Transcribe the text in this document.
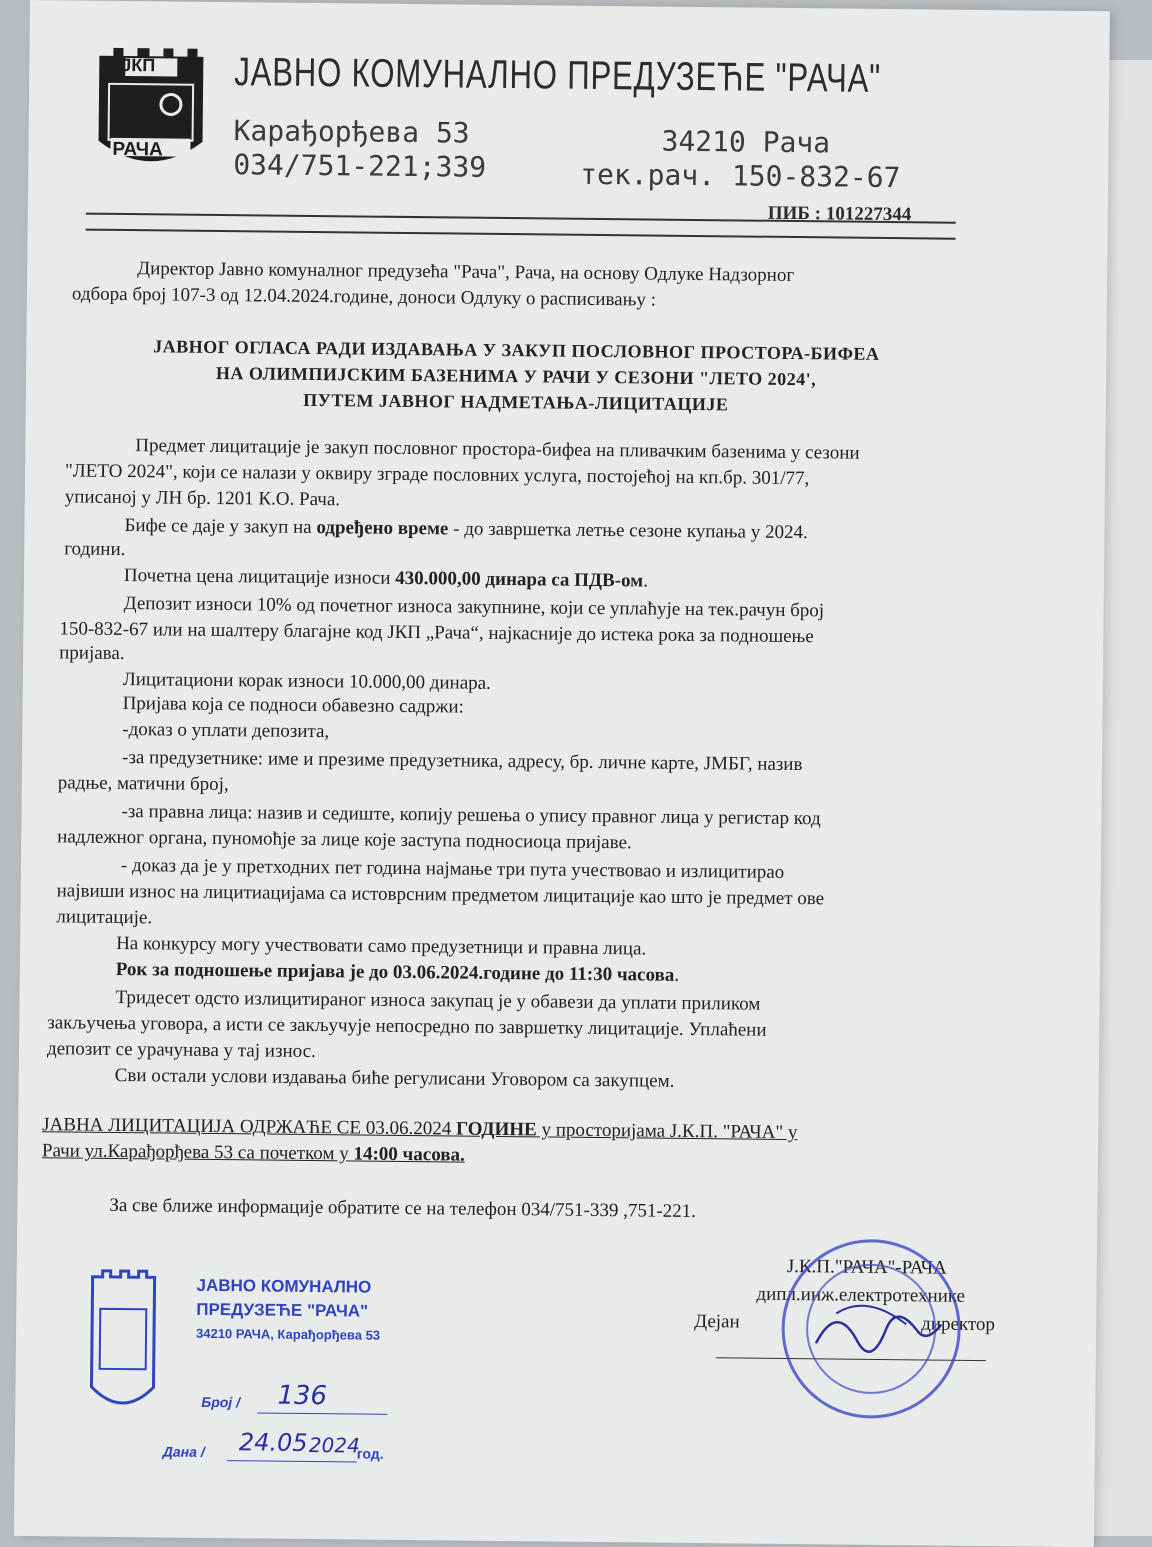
ЈКП
РАЧА
ЈАВНО КОМУНАЛНО ПРЕДУЗЕЋЕ "РАЧА"
Карађорђева 53	34210 Рача
034/751-221;339	тек.рач. 150-832-67
ПИБ : 101227344
Директор Јавно комуналног предузећа "Рача", Рача, на основу Одлуке Надзорног
одбора број 107-3 од 12.04.2024.године, доноси Одлуку о расписивању :
ЈАВНОГ ОГЛАСА РАДИ ИЗДАВАЊА У ЗАКУП ПОСЛОВНОГ ПРОСТОРА-БИФЕА
НА ОЛИМПИЈСКИМ БАЗЕНИМА У РАЧИ У СЕЗОНИ "ЛЕТО 2024',
ПУТЕМ ЈАВНОГ НАДМЕТАЊА-ЛИЦИТАЦИЈЕ
Предмет лицитације је закуп пословног простора-бифеа на пливачким базенима у сезони
"ЛЕТО 2024", који се налази у оквиру зграде пословних услуга, постојећој на кп.бр. 301/77,
уписаној у ЛН бр. 1201 К.О. Рача.
Бифе се даје у закуп на одређено време - до завршетка летње сезоне купања у 2024.
години.
Почетна цена лицитације износи 430.000,00 динара са ПДВ-ом.
Депозит износи 10% од почетног износа закупнине, који се уплаћује на тек.рачун број
150-832-67 или на шалтеру благајне код ЈКП „Рача“, најкасније до истека рока за подношење
пријава.
Лицитациони корак износи 10.000,00 динара.
Пријава која се подноси обавезно садржи:
-доказ о уплати депозита,
-за предузетнике: име и презиме предузетника, адресу, бр. личне карте, ЈМБГ, назив
радње, матични број,
-за правна лица: назив и седиште, копију решења о упису правног лица у регистар код
надлежног органа, пуномоћје за лице које заступа подносиоца пријаве.
- доказ да је у претходних пет година најмање три пута учествовао и излицитирао
највиши износ на лицитиацијама са истоврсним предметом лицитације као што је предмет ове
лицитације.
На конкурсу могу учествовати само предузетници и правна лица.
Рок за подношење пријава је до 03.06.2024.године до 11:30 часова.
Тридесет одсто излицитираног износа закупац је у обавези да уплати приликом
закључења уговора, а исти се закључује непосредно по завршетку лицитације. Уплаћени
депозит се урачунава у тај износ.
Сви остали услови издавања биће регулисани Уговором са закупцем.
ЈАВНА ЛИЦИТАЦИЈА ОДРЖАЋЕ СЕ 03.06.2024 ГОДИНЕ у просторијама Ј.К.П. "РАЧА" у
Рачи ул.Карађорђева 53 са почетком у 14:00 часова.
За све ближе информације обратите се на телефон 034/751-339 ,751-221.
Ј.К.П."РАЧА"-РАЧА
дипл.инж.електротехнике
Дејан	директор
ЈАВНО КОМУНАЛНО
ПРЕДУЗЕЋЕ "РАЧА"
34210 РАЧА, Карађорђева 53
Број / 136
Дана / 24.05 2024
год.
